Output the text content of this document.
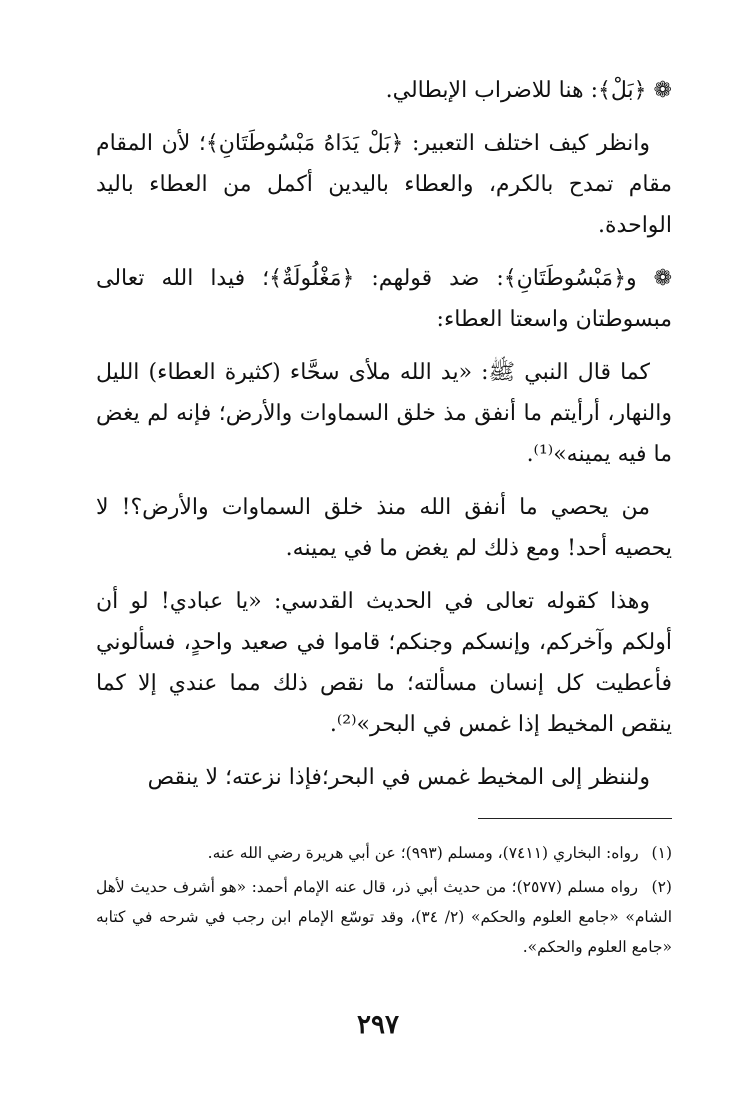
❁ ﴿بَلْ﴾: هنا للاضراب الإبطالي.

وانظر كيف اختلف التعبير: ﴿بَلْ يَدَاهُ مَبْسُوطَتَانِ﴾؛ لأن المقام مقام تمدح بالكرم، والعطاء باليدين أكمل من العطاء باليد الواحدة.

❁ و﴿مَبْسُوطَتَانِ﴾: ضد قولهم: ﴿مَغْلُولَةٌ﴾؛ فيدا الله تعالى مبسوطتان واسعتا العطاء:

كما قال النبي ﷺ: «يد الله ملأى سحَّاء (كثيرة العطاء) الليل والنهار، أرأيتم ما أنفق مذ خلق السماوات والأرض؛ فإنه لم يغض ما فيه يمينه»⁽¹⁾.

من يحصي ما أنفق الله منذ خلق السماوات والأرض؟! لا يحصيه أحد! ومع ذلك لم يغض ما في يمينه.

وهذا كقوله تعالى في الحديث القدسي: «يا عبادي! لو أن أولكم وآخركم، وإنسكم وجنكم؛ قاموا في صعيد واحدٍ، فسألوني فأعطيت كل إنسان مسألته؛ ما نقص ذلك مما عندي إلا كما ينقص المخيط إذا غمس في البحر»⁽²⁾.

ولننظر إلى المخيط غمس في البحر؛فإذا نزعته؛ لا ينقص

(١) رواه: البخاري (٧٤١١)، ومسلم (٩٩٣)؛ عن أبي هريرة رضي الله عنه.

(٢) رواه مسلم (٢٥٧٧)؛ من حديث أبي ذر، قال عنه الإمام أحمد: «هو أشرف حديث لأهل الشام» «جامع العلوم والحكم» (٢/ ٣٤)، وقد توسّع الإمام ابن رجب في شرحه في كتابه «جامع العلوم والحكم».

٢٩٧
